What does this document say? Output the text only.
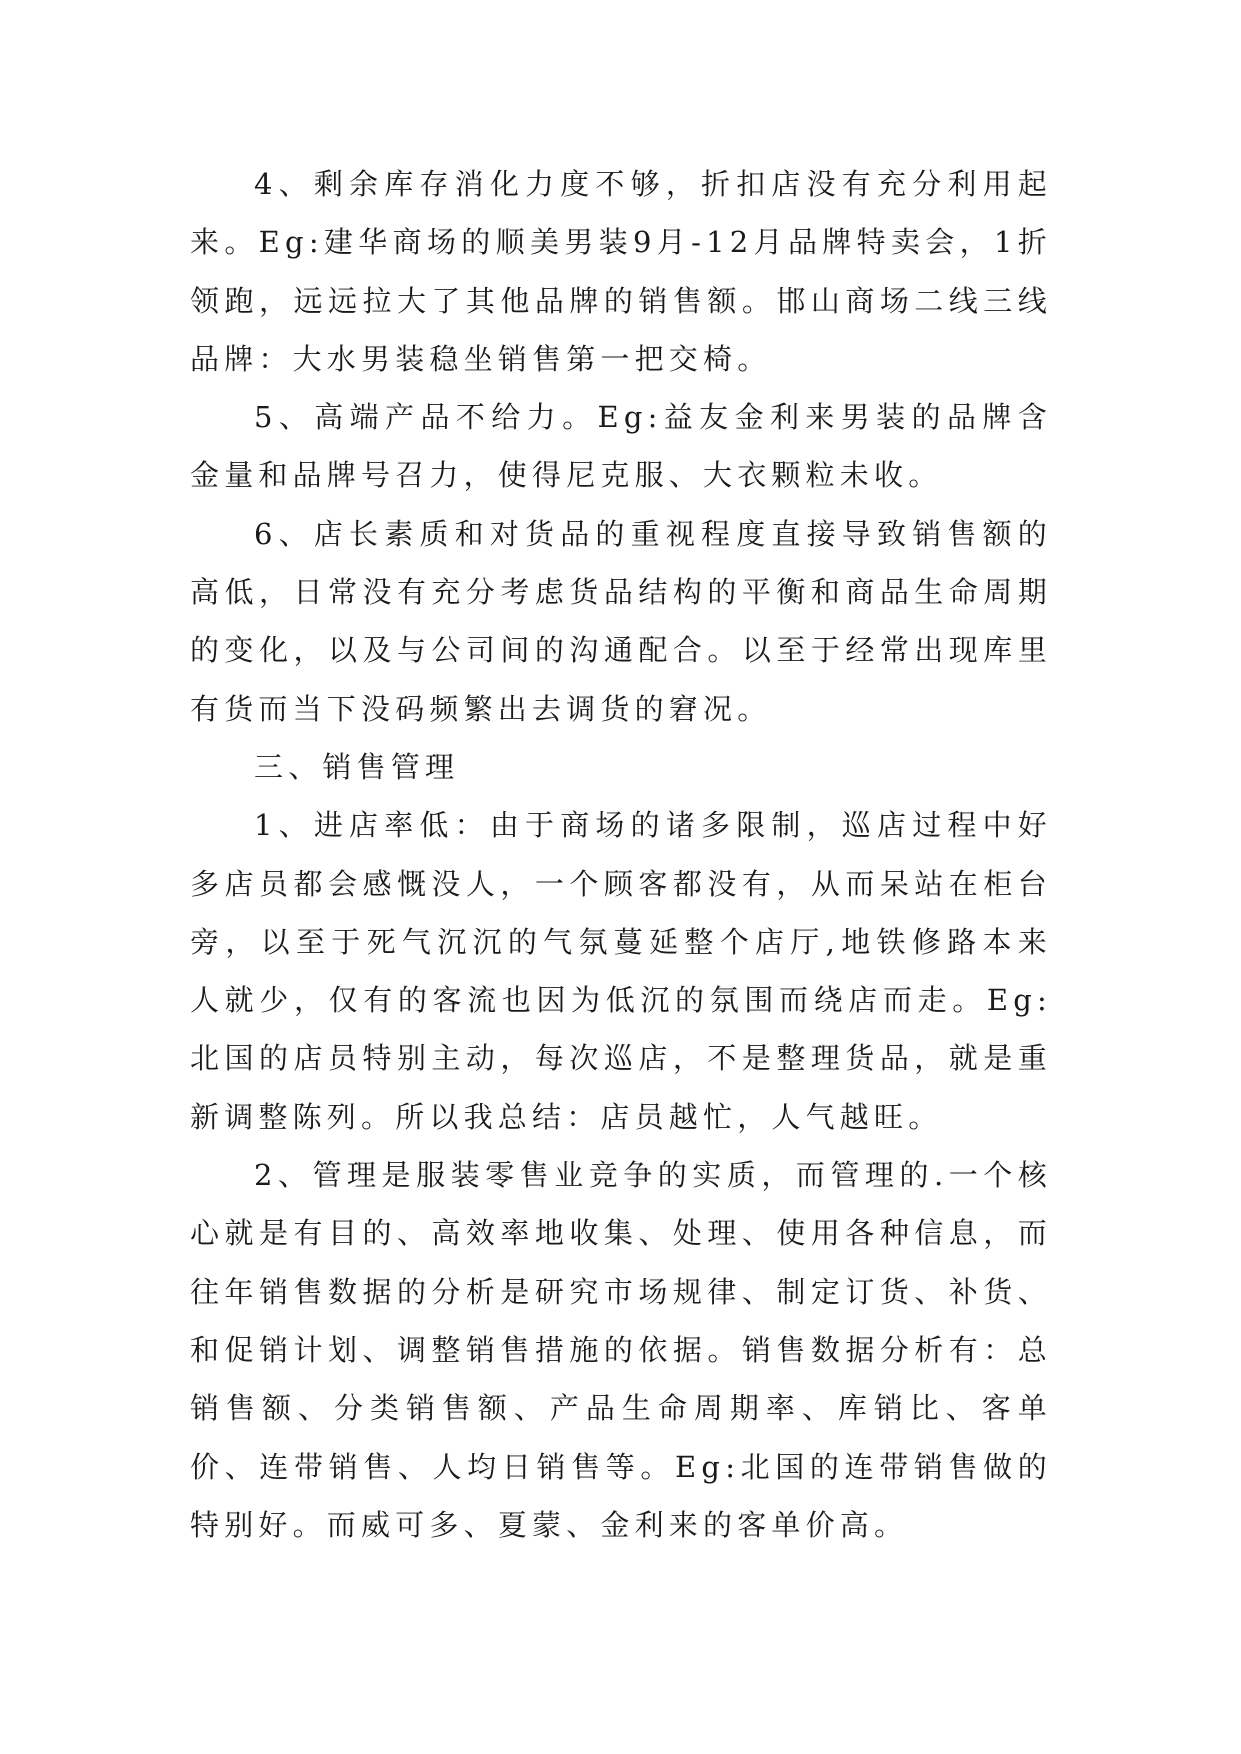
4、剩余库存消化力度不够，折扣店没有充分利用起来。Eg:建华商场的顺美男装9月-12月品牌特卖会，1折领跑，远远拉大了其他品牌的销售额。邯山商场二线三线品牌：大水男装稳坐销售第一把交椅。

5、高端产品不给力。Eg:益友金利来男装的品牌含金量和品牌号召力，使得尼克服、大衣颗粒未收。

6、店长素质和对货品的重视程度直接导致销售额的高低，日常没有充分考虑货品结构的平衡和商品生命周期的变化，以及与公司间的沟通配合。以至于经常出现库里有货而当下没码频繁出去调货的窘况。

三、销售管理

1、进店率低：由于商场的诸多限制，巡店过程中好多店员都会感慨没人，一个顾客都没有，从而呆站在柜台旁，以至于死气沉沉的气氛蔓延整个店厅,地铁修路本来人就少，仅有的客流也因为低沉的氛围而绕店而走。Eg:北国的店员特别主动，每次巡店，不是整理货品，就是重新调整陈列。所以我总结：店员越忙，人气越旺。

2、管理是服装零售业竞争的实质，而管理的.一个核心就是有目的、高效率地收集、处理、使用各种信息，而往年销售数据的分析是研究市场规律、制定订货、补货、和促销计划、调整销售措施的依据。销售数据分析有：总销售额、分类销售额、产品生命周期率、库销比、客单价、连带销售、人均日销售等。Eg:北国的连带销售做的特别好。而威可多、夏蒙、金利来的客单价高。
